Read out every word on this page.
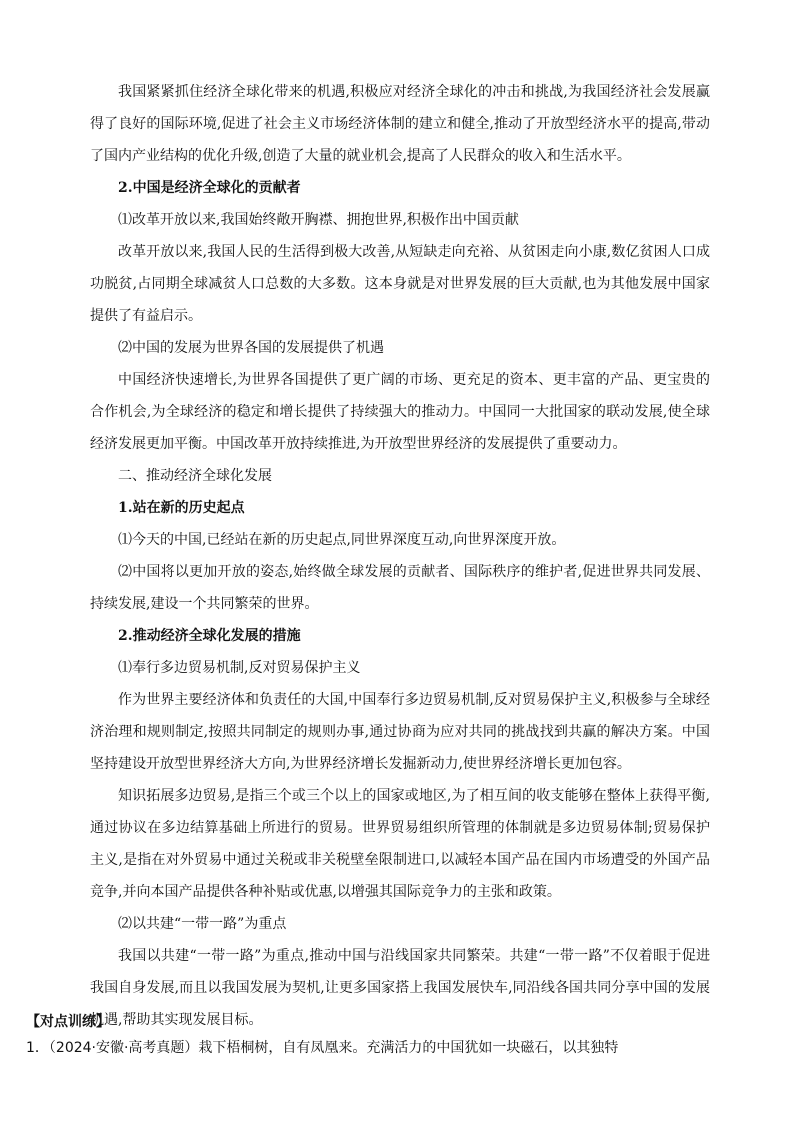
我国紧紧抓住经济全球化带来的机遇,积极应对经济全球化的冲击和挑战,为我国经济社会发展赢得了良好的国际环境,促进了社会主义市场经济体制的建立和健全,推动了开放型经济水平的提高,带动了国内产业结构的优化升级,创造了大量的就业机会,提高了人民群众的收入和生活水平。

2.中国是经济全球化的贡献者

⑴改革开放以来,我国始终敞开胸襟、拥抱世界,积极作出中国贡献

改革开放以来,我国人民的生活得到极大改善,从短缺走向充裕、从贫困走向小康,数亿贫困人口成功脱贫,占同期全球减贫人口总数的大多数。这本身就是对世界发展的巨大贡献,也为其他发展中国家提供了有益启示。

⑵中国的发展为世界各国的发展提供了机遇

中国经济快速增长,为世界各国提供了更广阔的市场、更充足的资本、更丰富的产品、更宝贵的合作机会,为全球经济的稳定和增长提供了持续强大的推动力。中国同一大批国家的联动发展,使全球经济发展更加平衡。中国改革开放持续推进,为开放型世界经济的发展提供了重要动力。

二、推动经济全球化发展

1.站在新的历史起点

⑴今天的中国,已经站在新的历史起点,同世界深度互动,向世界深度开放。

⑵中国将以更加开放的姿态,始终做全球发展的贡献者、国际秩序的维护者,促进世界共同发展、持续发展,建设一个共同繁荣的世界。

2.推动经济全球化发展的措施

⑴奉行多边贸易机制,反对贸易保护主义

作为世界主要经济体和负责任的大国,中国奉行多边贸易机制,反对贸易保护主义,积极参与全球经济治理和规则制定,按照共同制定的规则办事,通过协商为应对共同的挑战找到共赢的解决方案。中国坚持建设开放型世界经济大方向,为世界经济增长发掘新动力,使世界经济增长更加包容。

知识拓展多边贸易,是指三个或三个以上的国家或地区,为了相互间的收支能够在整体上获得平衡,通过协议在多边结算基础上所进行的贸易。世界贸易组织所管理的体制就是多边贸易体制;贸易保护主义,是指在对外贸易中通过关税或非关税壁垒限制进口,以减轻本国产品在国内市场遭受的外国产品竞争,并向本国产品提供各种补贴或优惠,以增强其国际竞争力的主张和政策。

⑵以共建“一带一路”为重点

我国以共建“一带一路”为重点,推动中国与沿线国家共同繁荣。共建“一带一路”不仅着眼于促进我国自身发展,而且以我国发展为契机,让更多国家搭上我国发展快车,同沿线各国共同分享中国的发展机遇,帮助其实现发展目标。

【对点训练】
1．（2024·安徽·高考真题）栽下梧桐树，自有凤凰来。充满活力的中国犹如一块磁石，以其独特
